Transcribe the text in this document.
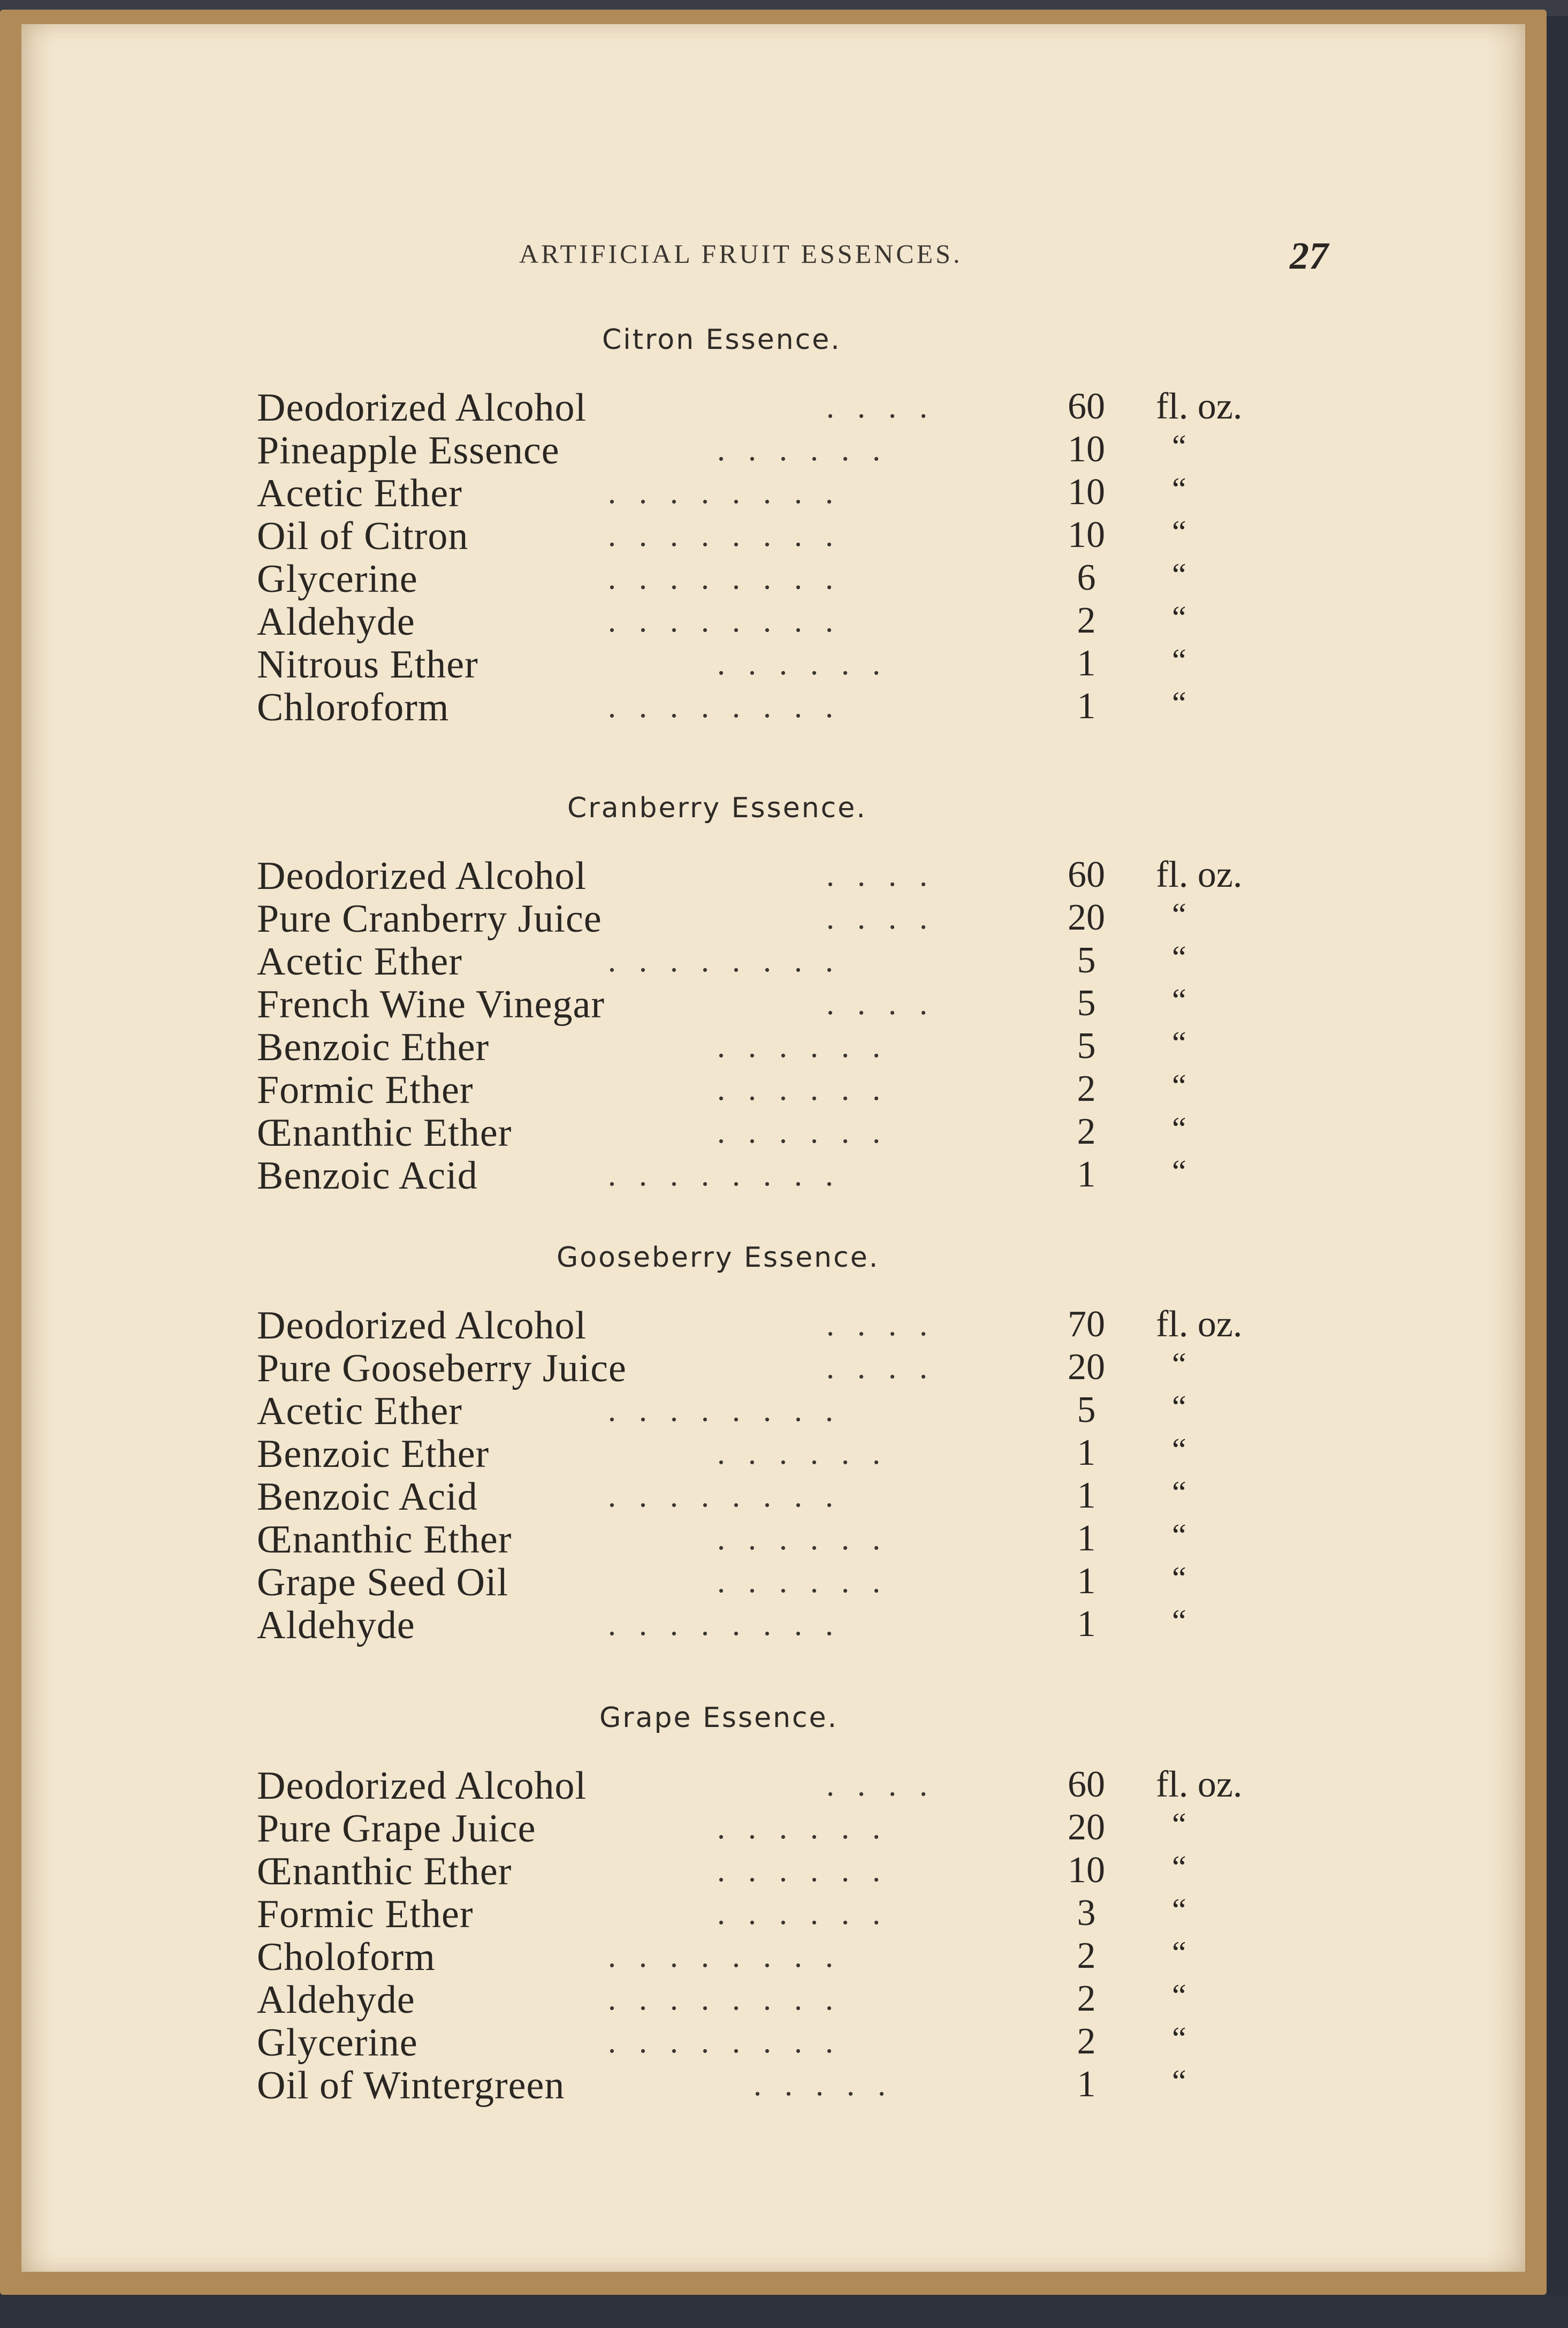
ARTIFICIAL FRUIT ESSENCES.	27
Citron Essence.
Deodorized Alcohol	. . . .	60	fl. oz.
Pineapple Essence	. . . . . .	10	“
Acetic Ether	. . . . . . . .	10	“
Oil of Citron	. . . . . . . .	10	“
Glycerine	. . . . . . . .	6	“
Aldehyde	. . . . . . . .	2	“
Nitrous Ether	. . . . . .	1	“
Chloroform	. . . . . . . .	1	“
Cranberry Essence.
Deodorized Alcohol	. . . .	60	fl. oz.
Pure Cranberry Juice	. . . .	20	“
Acetic Ether	. . . . . . . .	5	“
French Wine Vinegar	. . . .	5	“
Benzoic Ether	. . . . . .	5	“
Formic Ether	. . . . . .	2	“
Œnanthic Ether	. . . . . .	2	“
Benzoic Acid	. . . . . . . .	1	“
Gooseberry Essence.
Deodorized Alcohol	. . . .	70	fl. oz.
Pure Gooseberry Juice	. . . .	20	“
Acetic Ether	. . . . . . . .	5	“
Benzoic Ether	. . . . . .	1	“
Benzoic Acid	. . . . . . . .	1	“
Œnanthic Ether	. . . . . .	1	“
Grape Seed Oil	. . . . . .	1	“
Aldehyde	. . . . . . . .	1	“
Grape Essence.
Deodorized Alcohol	. . . .	60	fl. oz.
Pure Grape Juice	. . . . . .	20	“
Œnanthic Ether	. . . . . .	10	“
Formic Ether	. . . . . .	3	“
Choloform	. . . . . . . .	2	“
Aldehyde	. . . . . . . .	2	“
Glycerine	. . . . . . . .	2	“
Oil of Wintergreen	. . . . .	1	“
